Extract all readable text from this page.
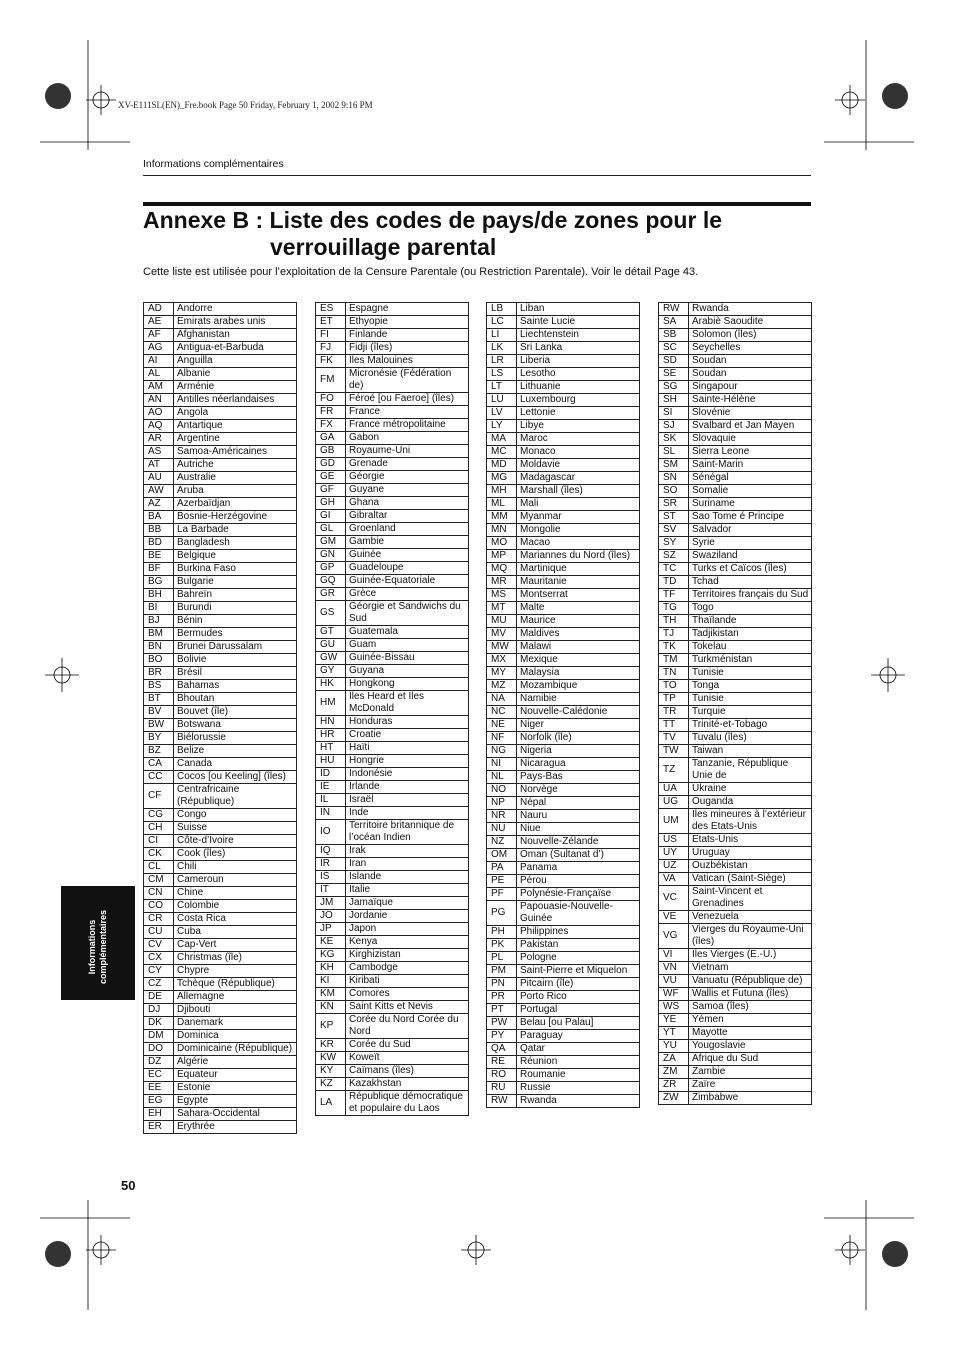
XV-E111SL(EN)_Fre.book Page 50 Friday, February 1, 2002 9:16 PM
Informations complémentaires
Annexe B : Liste des codes de pays/de zones pour le
verrouillage parental
Cette liste est utilisée pour l’exploitation de la Censure Parentale (ou Restriction Parentale). Voir le détail Page 43.
AD	Andorre
AE	Emirats arabes unis
AF	Afghanistan
AG	Antigua-et-Barbuda
AI	Anguilla
AL	Albanie
AM	Arménie
AN	Antilles néerlandaises
AO	Angola
AQ	Antartique
AR	Argentine
AS	Samoa-Américaines
AT	Autriche
AU	Australie
AW	Aruba
AZ	Azerbaïdjan
BA	Bosnie-Herzégovine
BB	La Barbade
BD	Bangladesh
BE	Belgique
BF	Burkina Faso
BG	Bulgarie
BH	Bahreïn
BI	Burundi
BJ	Bénin
BM	Bermudes
BN	Brunei Darussalam
BO	Bolivie
BR	Brésil
BS	Bahamas
BT	Bhoutan
BV	Bouvet (île)
BW	Botswana
BY	Biélorussie
BZ	Belize
CA	Canada
CC	Cocos [ou Keeling] (îles)
CF
Centrafricaine (République)
CG	Congo
CH	Suisse
CI	Côte-d’Ivoire
CK	Cook (îles)
CL	Chili
CM	Cameroun
CN	Chine
CO	Colombie
CR	Costa Rica
CU	Cuba
CV	Cap-Vert
CX	Christmas (île)
CY	Chypre
CZ	Tchèque (République)
DE	Allemagne
DJ	Djibouti
DK	Danemark
DM	Dominica
DO	Dominicaine (République)
DZ	Algérie
EC	Equateur
EE	Estonie
EG	Egypte
EH	Sahara-Occidental
ER	Erythrée
ES	Espagne
ET	Ethyopie
FI	Finlande
FJ	Fidji (îles)
FK	Iles Malouines
FM
Micronésie (Fédération de)
FO	Féroé [ou Faeroe] (îles)
FR	France
FX	France métropolitaine
GA	Gabon
GB	Royaume-Uni
GD	Grenade
GE	Géorgie
GF	Guyane
GH	Ghana
GI	Gibraltar
GL	Groenland
GM	Gambie
GN	Guinée
GP	Guadeloupe
GQ	Guinée-Equatoriale
GR	Grèce
GS
Géorgie et Sandwichs du Sud
GT	Guatemala
GU	Guam
GW	Guinée-Bissau
GY	Guyana
HK	Hongkong
HM
Iles Heard et Iles McDonald
HN	Honduras
HR	Croatie
HT	Haïti
HU	Hongrie
ID	Indonésie
IE	Irlande
IL	Israël
IN	Inde
IO
Territoire britannique de l’océan Indien
IQ	Irak
IR	Iran
IS	Islande
IT	Italie
JM	Jamaïque
JO	Jordanie
JP	Japon
KE	Kenya
KG	Kirghizistan
KH	Cambodge
KI	Kiribati
KM	Comores
KN	Saint Kitts et Nevis
KP
Corée du Nord Corée du Nord
KR	Corée du Sud
KW	Koweït
KY	Caïmans (îles)
KZ	Kazakhstan
LA
République démocratique et populaire du Laos
LB	Liban
LC	Sainte Lucie
LI	Liechtenstein
LK	Sri Lanka
LR	Liberia
LS	Lesotho
LT	Lithuanie
LU	Luxembourg
LV	Lettonie
LY	Libye
MA	Maroc
MC	Monaco
MD	Moldavie
MG	Madagascar
MH	Marshall (îles)
ML	Mali
MM	Myanmar
MN	Mongolie
MO	Macao
MP	Mariannes du Nord (îles)
MQ	Martinique
MR	Mauritanie
MS	Montserrat
MT	Malte
MU	Maurice
MV	Maldives
MW	Malawi
MX	Mexique
MY	Malaysia
MZ	Mozambique
NA	Namibie
NC	Nouvelle-Calédonie
NE	Niger
NF	Norfolk (île)
NG	Nigeria
NI	Nicaragua
NL	Pays-Bas
NO	Norvège
NP	Népal
NR	Nauru
NU	Niue
NZ	Nouvelle-Zélande
OM	Oman (Sultanat d’)
PA	Panama
PE	Pérou
PF	Polynésie-Françaïse
PG
Papouasie-Nouvelle-Guinée
PH	Philippines
PK	Pakistan
PL	Pologne
PM	Saint-Pierre et Miquelon
PN	Pitcairn (île)
PR	Porto Rico
PT	Portugal
PW	Belau [ou Palau]
PY	Paraguay
QA	Qatar
RE	Réunion
RO	Roumanie
RU	Russie
RW	Rwanda
RW	Rwanda
SA	Arabiè Saoudite
SB	Solomon (îles)
SC	Seychelles
SD	Soudan
SE	Soudan
SG	Singapour
SH	Sainte-Hélène
SI	Slovénie
SJ	Svalbard et Jan Mayen
SK	Slovaquie
SL	Sierra Leone
SM	Saint-Marin
SN	Sénégal
SO	Somalie
SR	Suriname
ST	Sao Tome é Principe
SV	Salvador
SY	Syrie
SZ	Swaziland
TC	Turks et Caïcos (îles)
TD	Tchad
TF	Territoires français du Sud
TG	Togo
TH	Thaïlande
TJ	Tadjikistan
TK	Tokelau
TM	Turkménistan
TN	Tunisie
TO	Tonga
TP	Tunisie
TR	Turquie
TT	Trinité-et-Tobago
TV	Tuvalu (îles)
TW	Taiwan
TZ
Tanzanie, République Unie de
UA	Ukraine
UG	Ouganda
UM
Iles mineures à l’extérieur des Etats-Unis
US	Etats-Unis
UY	Uruguay
UZ	Ouzbékistan
VA	Vatican (Saint-Siège)
VC
Saint-Vincent et Grenadines
VE	Venezuela
VG
Vierges du Royaume-Uni (îles)
VI	Iles Vierges (E.-U.)
VN	Vietnam
VU	Vanuatu (République de)
WF	Wallis et Futuna (îles)
WS	Samoa (îles)
YE	Yémen
YT	Mayotte
YU	Yougoslavie
ZA	Afrique du Sud
ZM	Zambie
ZR	Zaïre
ZW	Zimbabwe
Informations complémentaires
50
